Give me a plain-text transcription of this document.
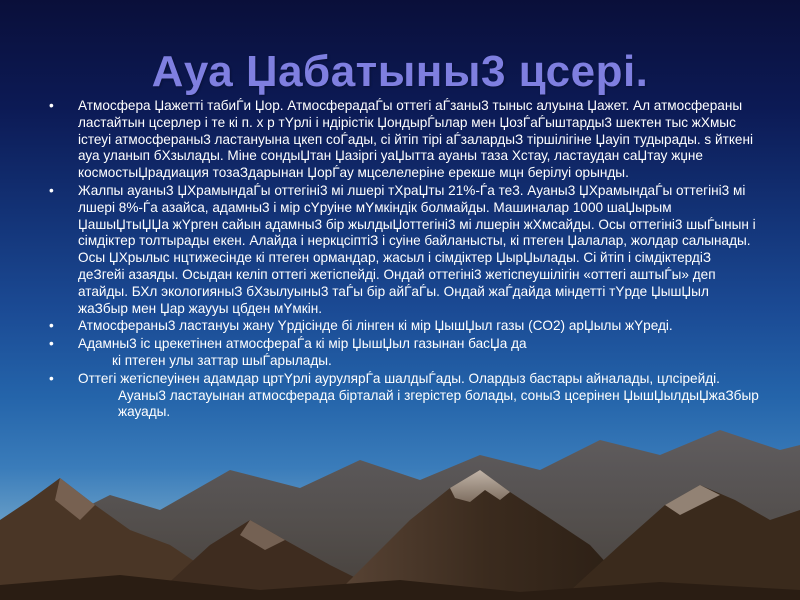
Ауа Џабатыны3 цсері.
•	Атмосфера Џажетті табиЃи Џор. АтмосферадаЃы оттегі аЃзаны3 тыныс алуына Џажет. Ал атмосфераны ластайтын цсерлер і те кі п. х р тYрлі і ндірістік ЏондырЃылар мен ЏозЃаЃыштарды3 шектен тыс жХмыс істеуі атмосфераны3 ластануына цкеп соЃады, сі йтіп тірі аЃзалардыЗ тіршілігіне Џауіп тудырады. s йткені ауа уланып бХзылады. Міне сондыЏтан Џазіргі уаЏытта ауаны таза Хстау, ластаудан саЏтау жџне космостыЏрадиация тозаЗдарынан ЏорЃау мцселелеріне ерекше мцн берілуі орынды.
•	Жалпы ауаны3 ЏХрамындаЃы оттегіні3 мі лшері тХраЏты 21%-Ѓа те3. Ауаны3 ЏХрамындаЃы оттегіні3 мі лшері 8%-Ѓа азайса, адамны3 і мір сYруіне мYмкіндік болмайды. Машиналар 1000 шаЏырым ЏашыЏтыЏЏа жYрген сайын адамны3 бір жылдыЏоттегіні3 мі лшерін жХмсайды. Осы оттегіні3 шыЃынын і сімдіктер толтырады екен. Алайда і неркцсіптіЗ і суіне байланысты, кі птеген Џалалар, жолдар салынады. Осы ЏХрылыс нцтижесінде кі птеген ормандар, жасыл і сімдіктер ЏырЏылады. Сі йтіп і сімдіктердіЗ деЗгейі азаяды. Осыдан келіп оттегі жетіспейді. Ондай оттегіні3 жетіспеушілігін «оттегі аштыЃы» деп атайды. БХл экологияныЗ бХзылуыны3 таЃы бір айЃаЃы. Ондай жаЃдайда міндетті тYрде ЏышЏыл жаЗбыр мен Џар жаууы цбден мYмкін.
•	Атмосфераны3 ластануы жану Yрдісінде бі лінген кі мір ЏышЏыл газы (CO2) арЏылы жYреді.
•	Адамны3 іс црекетінен атмосфераЃа кі мір ЏышЏыл газынан басЏа да
кі птеген улы заттар шыЃарылады.
•	Оттегі жетіспеуінен адамдар цртYрлі аурулярЃа шалдыЃады. Олардыз бастары айналады, цлсірейді. Ауаны3 ластауынан атмосферада бірталай і згерістер болады, соныЗ цсерінен ЏышЏылдыЏжаЗбыр жауады.
